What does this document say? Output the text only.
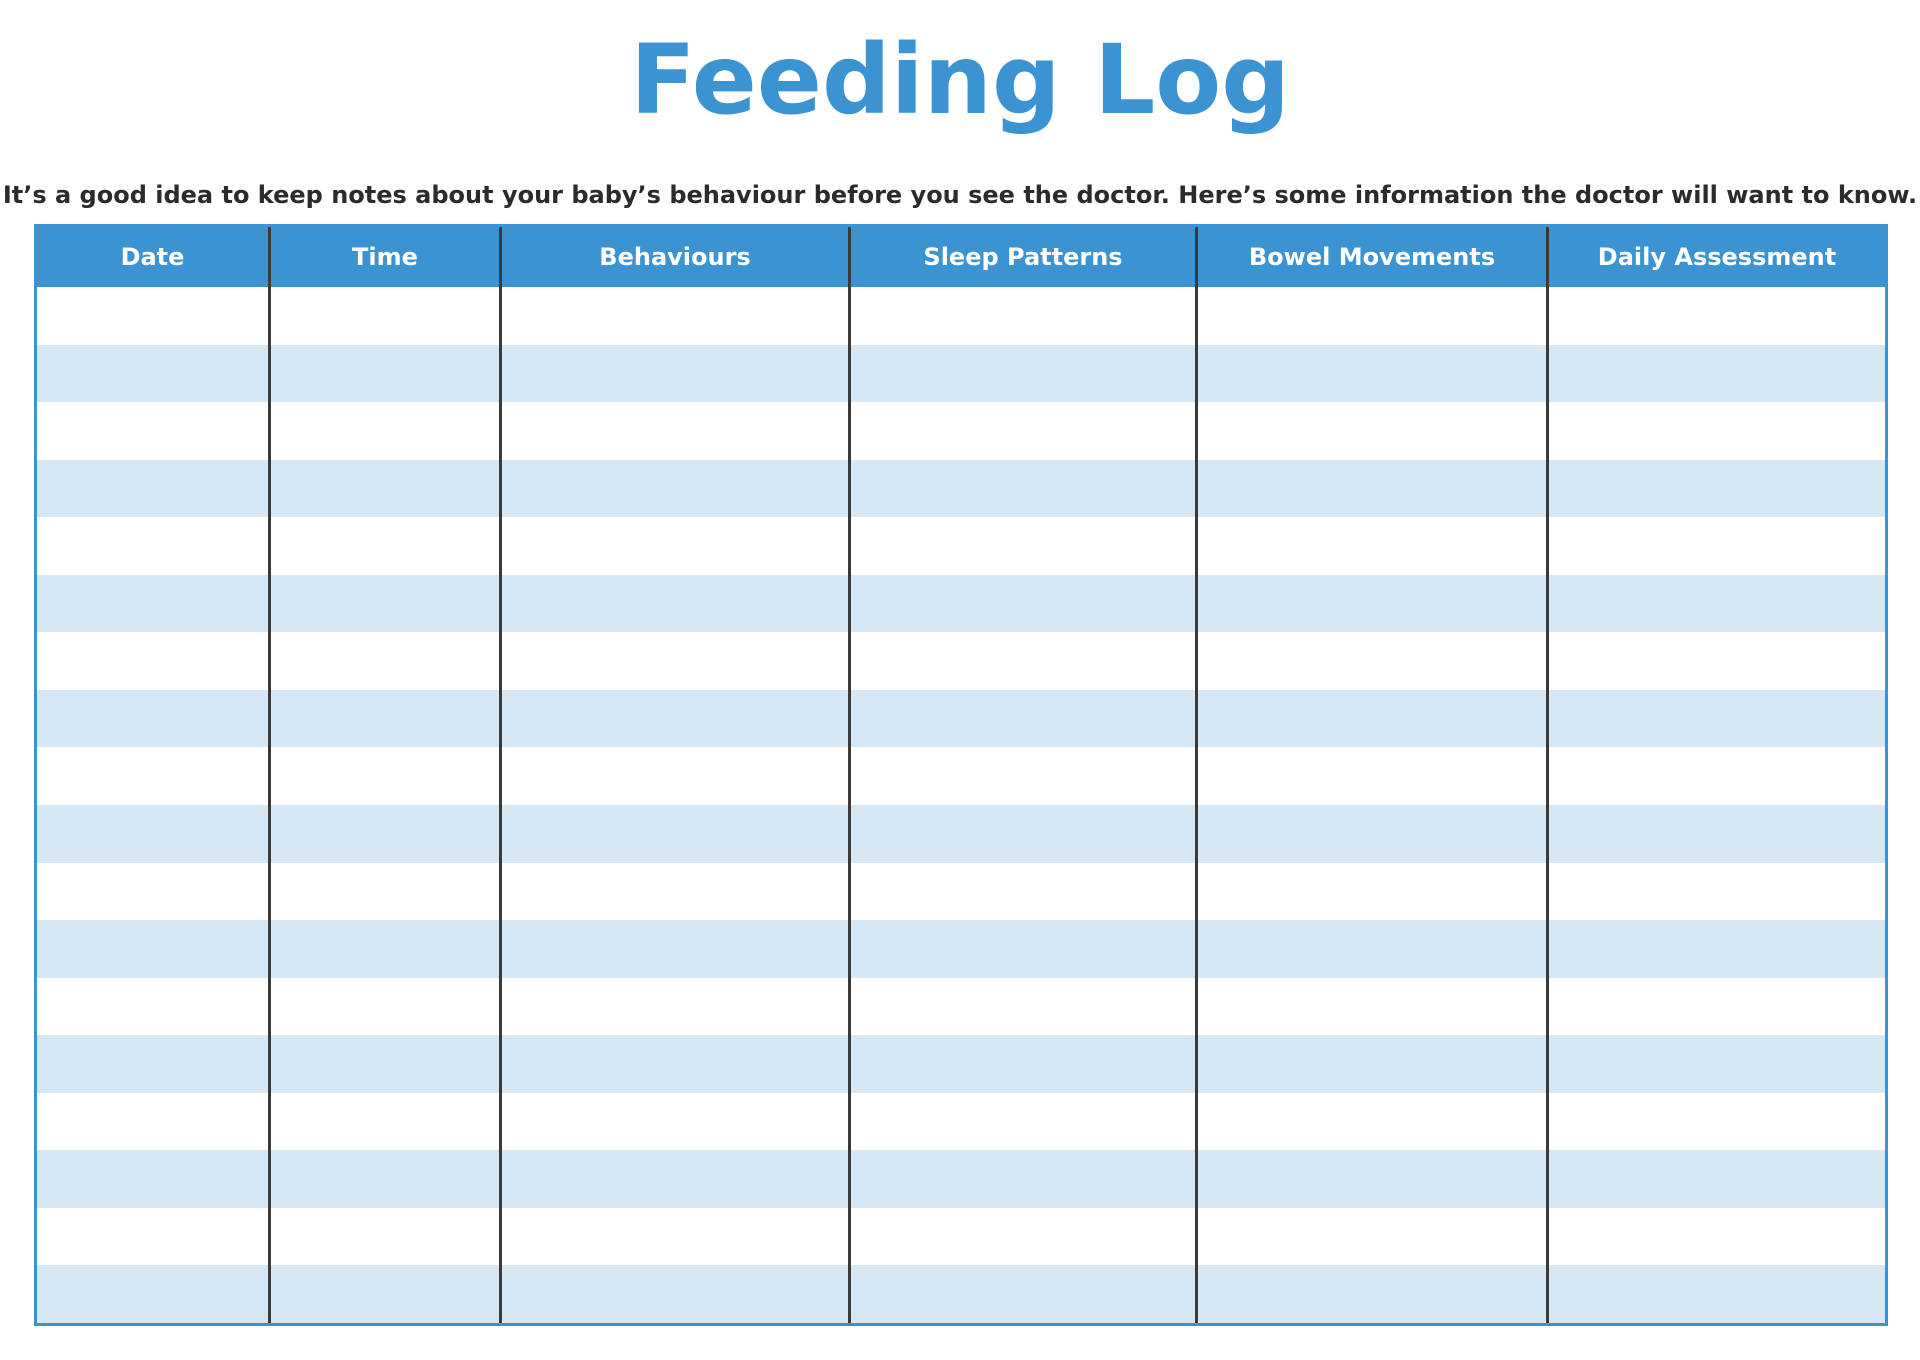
Feeding Log
It’s a good idea to keep notes about your baby’s behaviour before you see the doctor. Here’s some information the doctor will want to know.
Date	Time	Behaviours	Sleep Patterns	Bowel Movements	Daily Assessment
